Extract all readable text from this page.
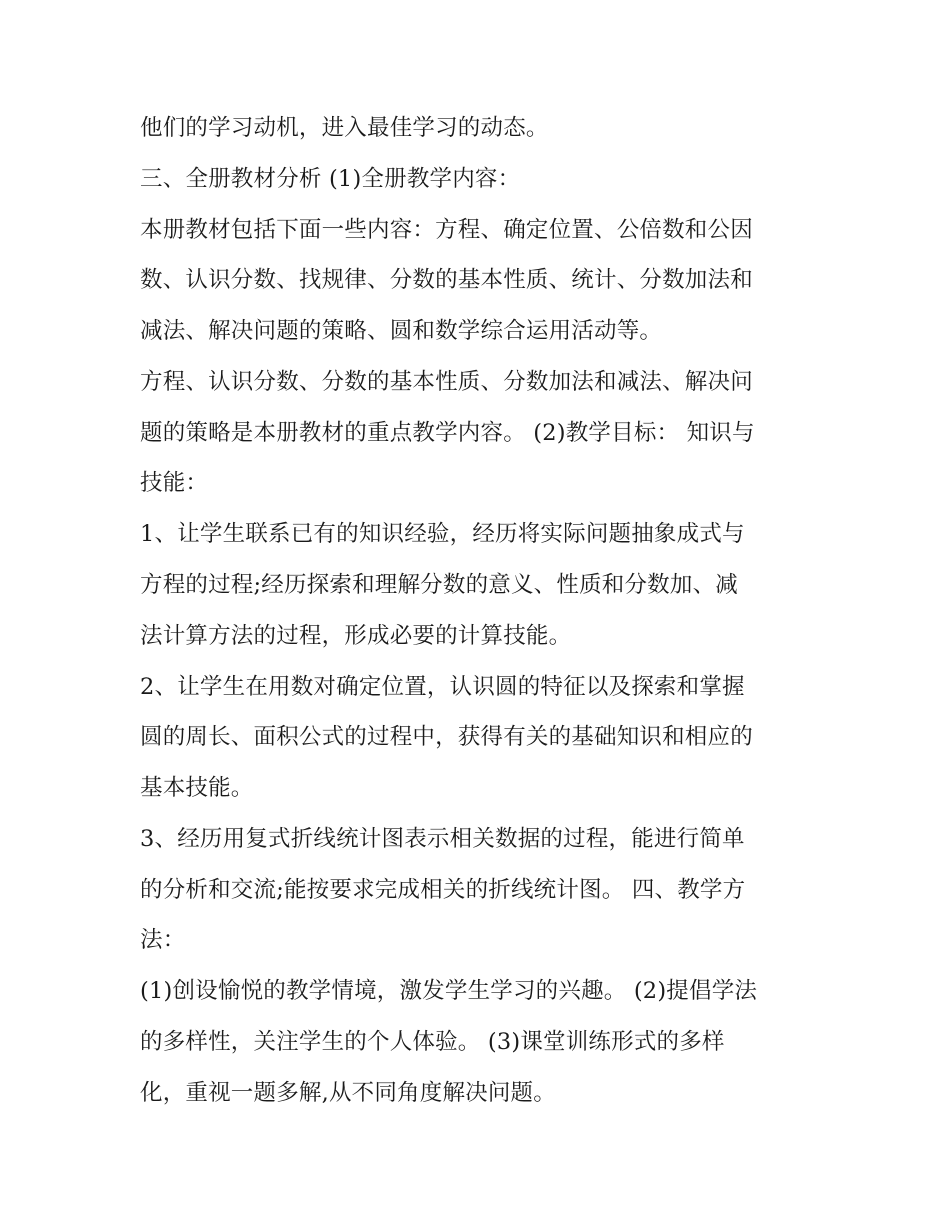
他们的学习动机，进入最佳学习的动态。
三、全册教材分析 (1)全册教学内容：
本册教材包括下面一些内容：方程、确定位置、公倍数和公因
数、认识分数、找规律、分数的基本性质、统计、分数加法和
减法、解决问题的策略、圆和数学综合运用活动等。
方程、认识分数、分数的基本性质、分数加法和减法、解决问
题的策略是本册教材的重点教学内容。 (2)教学目标： 知识与
技能：
1、让学生联系已有的知识经验，经历将实际问题抽象成式与
方程的过程;经历探索和理解分数的意义、性质和分数加、减
法计算方法的过程，形成必要的计算技能。
2、让学生在用数对确定位置，认识圆的特征以及探索和掌握
圆的周长、面积公式的过程中，获得有关的基础知识和相应的
基本技能。
3、经历用复式折线统计图表示相关数据的过程，能进行简单
的分析和交流;能按要求完成相关的折线统计图。 四、教学方
法：
(1)创设愉悦的教学情境，激发学生学习的兴趣。 (2)提倡学法
的多样性，关注学生的个人体验。 (3)课堂训练形式的多样
化，重视一题多解,从不同角度解决问题。
